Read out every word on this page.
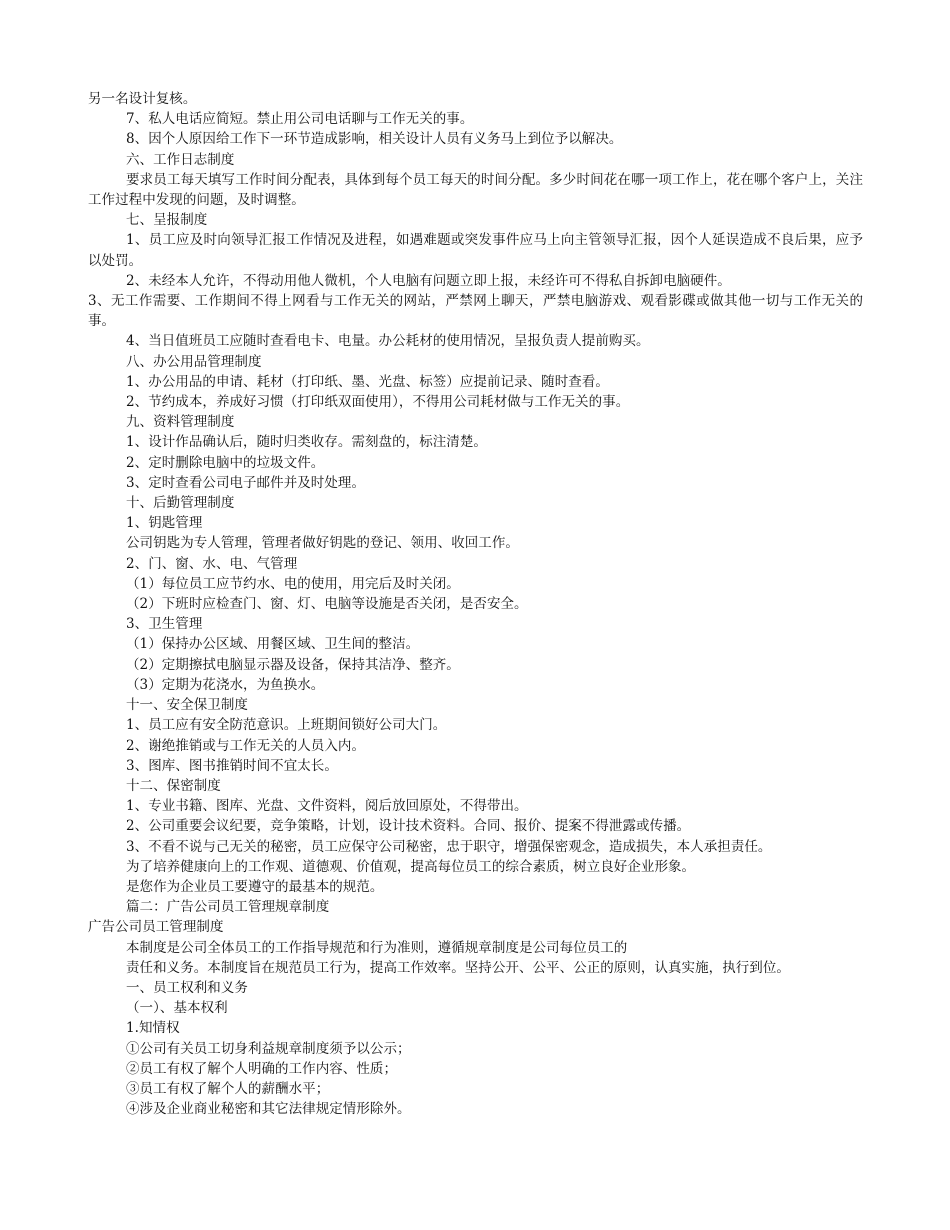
另一名设计复核。

7、私人电话应简短。禁止用公司电话聊与工作无关的事。

8、因个人原因给工作下一环节造成影响，相关设计人员有义务马上到位予以解决。

六、工作日志制度

要求员工每天填写工作时间分配表，具体到每个员工每天的时间分配。多少时间花在哪一项工作上，花在哪个客户上，关注工作过程中发现的问题，及时调整。

七、呈报制度

1、员工应及时向领导汇报工作情况及进程，如遇难题或突发事件应马上向主管领导汇报，因个人延误造成不良后果，应予以处罚。

2、未经本人允许，不得动用他人微机，个人电脑有问题立即上报，未经许可不得私自拆卸电脑硬件。

3、无工作需要、工作期间不得上网看与工作无关的网站，严禁网上聊天，严禁电脑游戏、观看影碟或做其他一切与工作无关的事。

4、当日值班员工应随时查看电卡、电量。办公耗材的使用情况，呈报负责人提前购买。

八、办公用品管理制度

1、办公用品的申请、耗材（打印纸、墨、光盘、标签）应提前记录、随时查看。

2、节约成本，养成好习惯（打印纸双面使用），不得用公司耗材做与工作无关的事。

九、资料管理制度

1、设计作品确认后，随时归类收存。需刻盘的，标注清楚。

2、定时删除电脑中的垃圾文件。

3、定时查看公司电子邮件并及时处理。

十、后勤管理制度

1、钥匙管理

公司钥匙为专人管理，管理者做好钥匙的登记、领用、收回工作。

2、门、窗、水、电、气管理

（1）每位员工应节约水、电的使用，用完后及时关闭。

（2）下班时应检查门、窗、灯、电脑等设施是否关闭，是否安全。

3、卫生管理

（1）保持办公区域、用餐区域、卫生间的整洁。

（2）定期擦拭电脑显示器及设备，保持其洁净、整齐。

（3）定期为花浇水，为鱼换水。

十一、安全保卫制度

1、员工应有安全防范意识。上班期间锁好公司大门。

2、谢绝推销或与工作无关的人员入内。

3、图库、图书推销时间不宜太长。

十二、保密制度

1、专业书籍、图库、光盘、文件资料，阅后放回原处，不得带出。

2、公司重要会议纪要，竞争策略，计划，设计技术资料。合同、报价、提案不得泄露或传播。

3、不看不说与己无关的秘密，员工应保守公司秘密，忠于职守，增强保密观念，造成损失，本人承担责任。

为了培养健康向上的工作观、道德观、价值观，提高每位员工的综合素质，树立良好企业形象。

是您作为企业员工要遵守的最基本的规范。

篇二：广告公司员工管理规章制度

广告公司员工管理制度

本制度是公司全体员工的工作指导规范和行为准则，遵循规章制度是公司每位员工的

责任和义务。本制度旨在规范员工行为，提高工作效率。坚持公开、公平、公正的原则，认真实施，执行到位。

一、员工权利和义务

（一）、基本权利

1.知情权

①公司有关员工切身利益规章制度须予以公示；

②员工有权了解个人明确的工作内容、性质；

③员工有权了解个人的薪酬水平；

④涉及企业商业秘密和其它法律规定情形除外。
